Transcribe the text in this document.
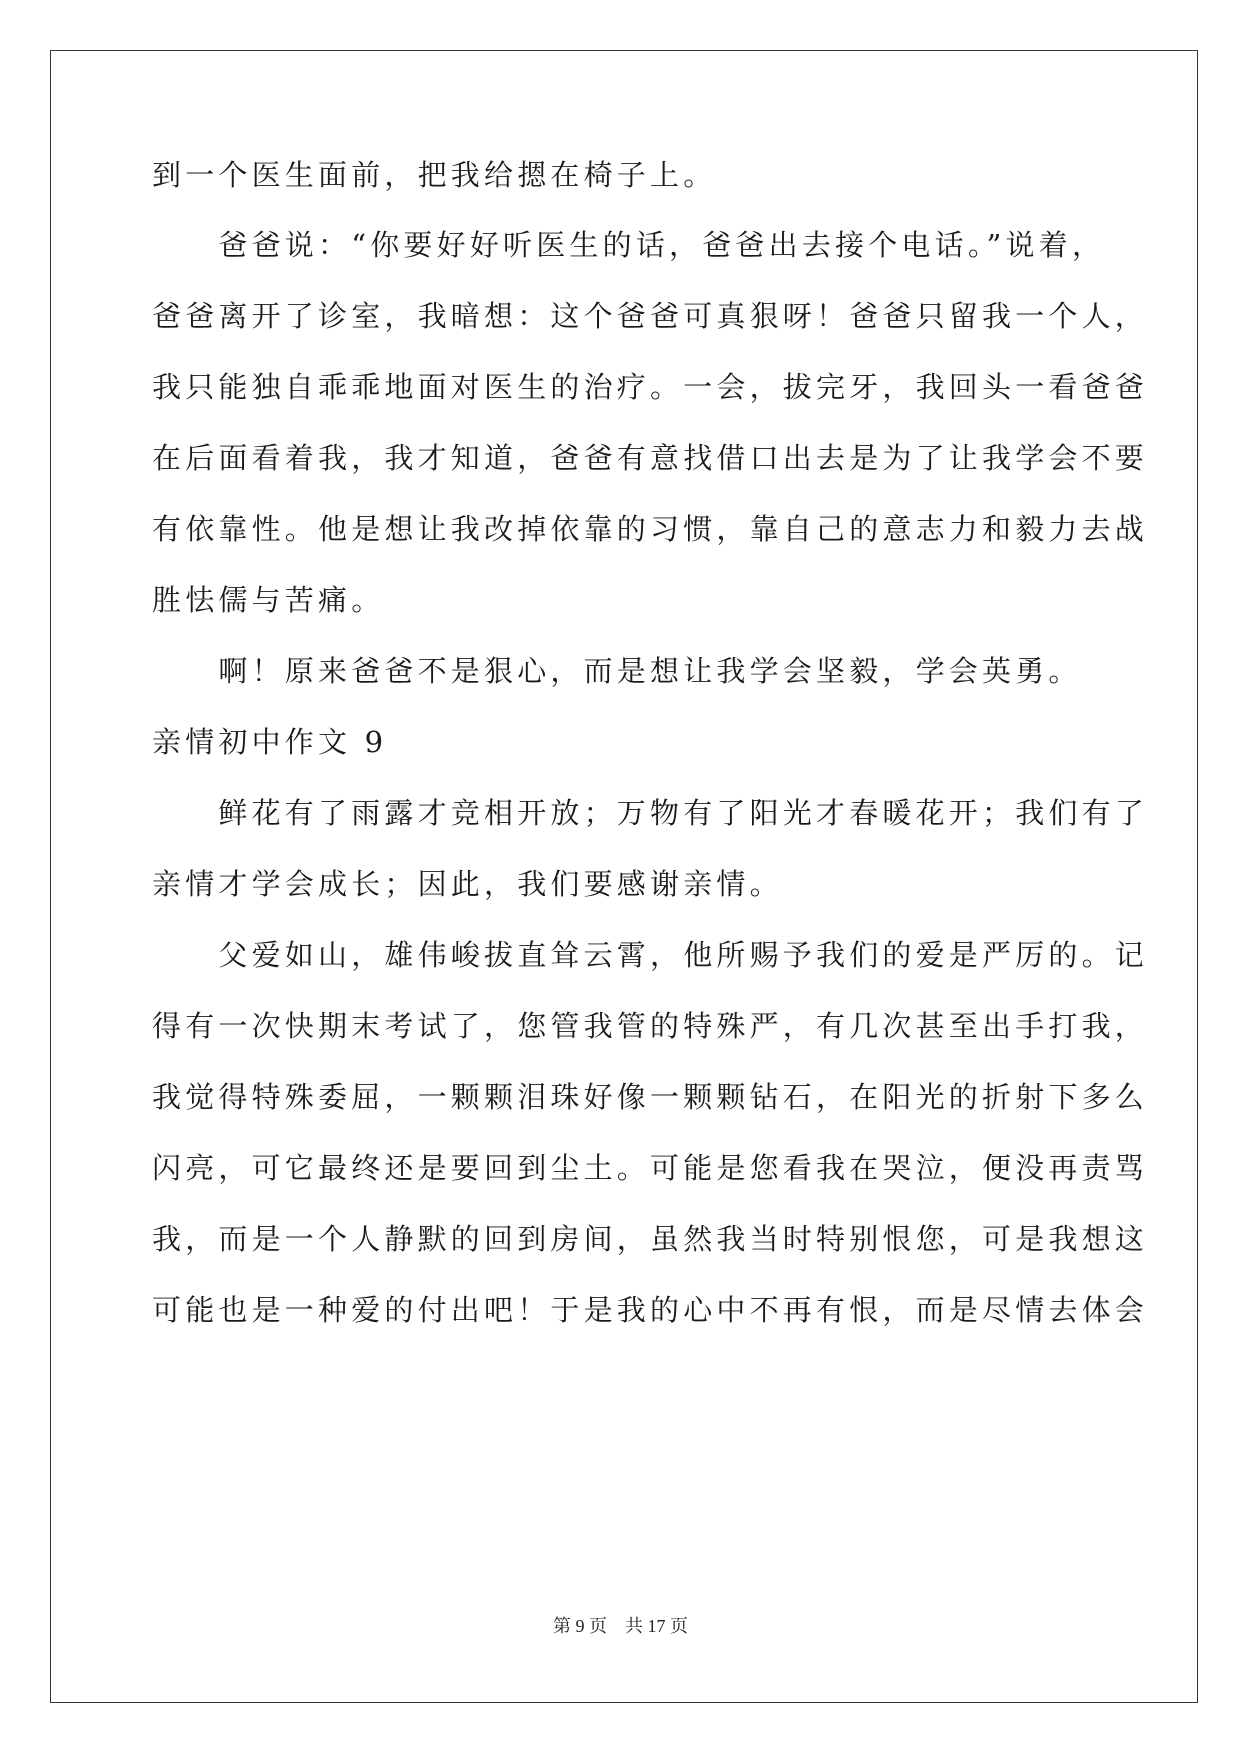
到一个医生面前，把我给摁在椅子上。
　　爸爸说：“你要好好听医生的话，爸爸出去接个电话。”说着，
爸爸离开了诊室，我暗想：这个爸爸可真狠呀！爸爸只留我一个人，
我只能独自乖乖地面对医生的治疗。一会，拔完牙，我回头一看爸爸
在后面看着我，我才知道，爸爸有意找借口出去是为了让我学会不要
有依靠性。他是想让我改掉依靠的习惯，靠自己的意志力和毅力去战
胜怯儒与苦痛。
　　啊！原来爸爸不是狠心，而是想让我学会坚毅，学会英勇。
亲情初中作文 9
　　鲜花有了雨露才竞相开放；万物有了阳光才春暖花开；我们有了
亲情才学会成长；因此，我们要感谢亲情。
　　父爱如山，雄伟峻拔直耸云霄，他所赐予我们的爱是严厉的。记
得有一次快期末考试了，您管我管的特殊严，有几次甚至出手打我，
我觉得特殊委屈，一颗颗泪珠好像一颗颗钻石，在阳光的折射下多么
闪亮，可它最终还是要回到尘土。可能是您看我在哭泣，便没再责骂
我，而是一个人静默的回到房间，虽然我当时特别恨您，可是我想这
可能也是一种爱的付出吧！于是我的心中不再有恨，而是尽情去体会
第 9 页　共 17 页
